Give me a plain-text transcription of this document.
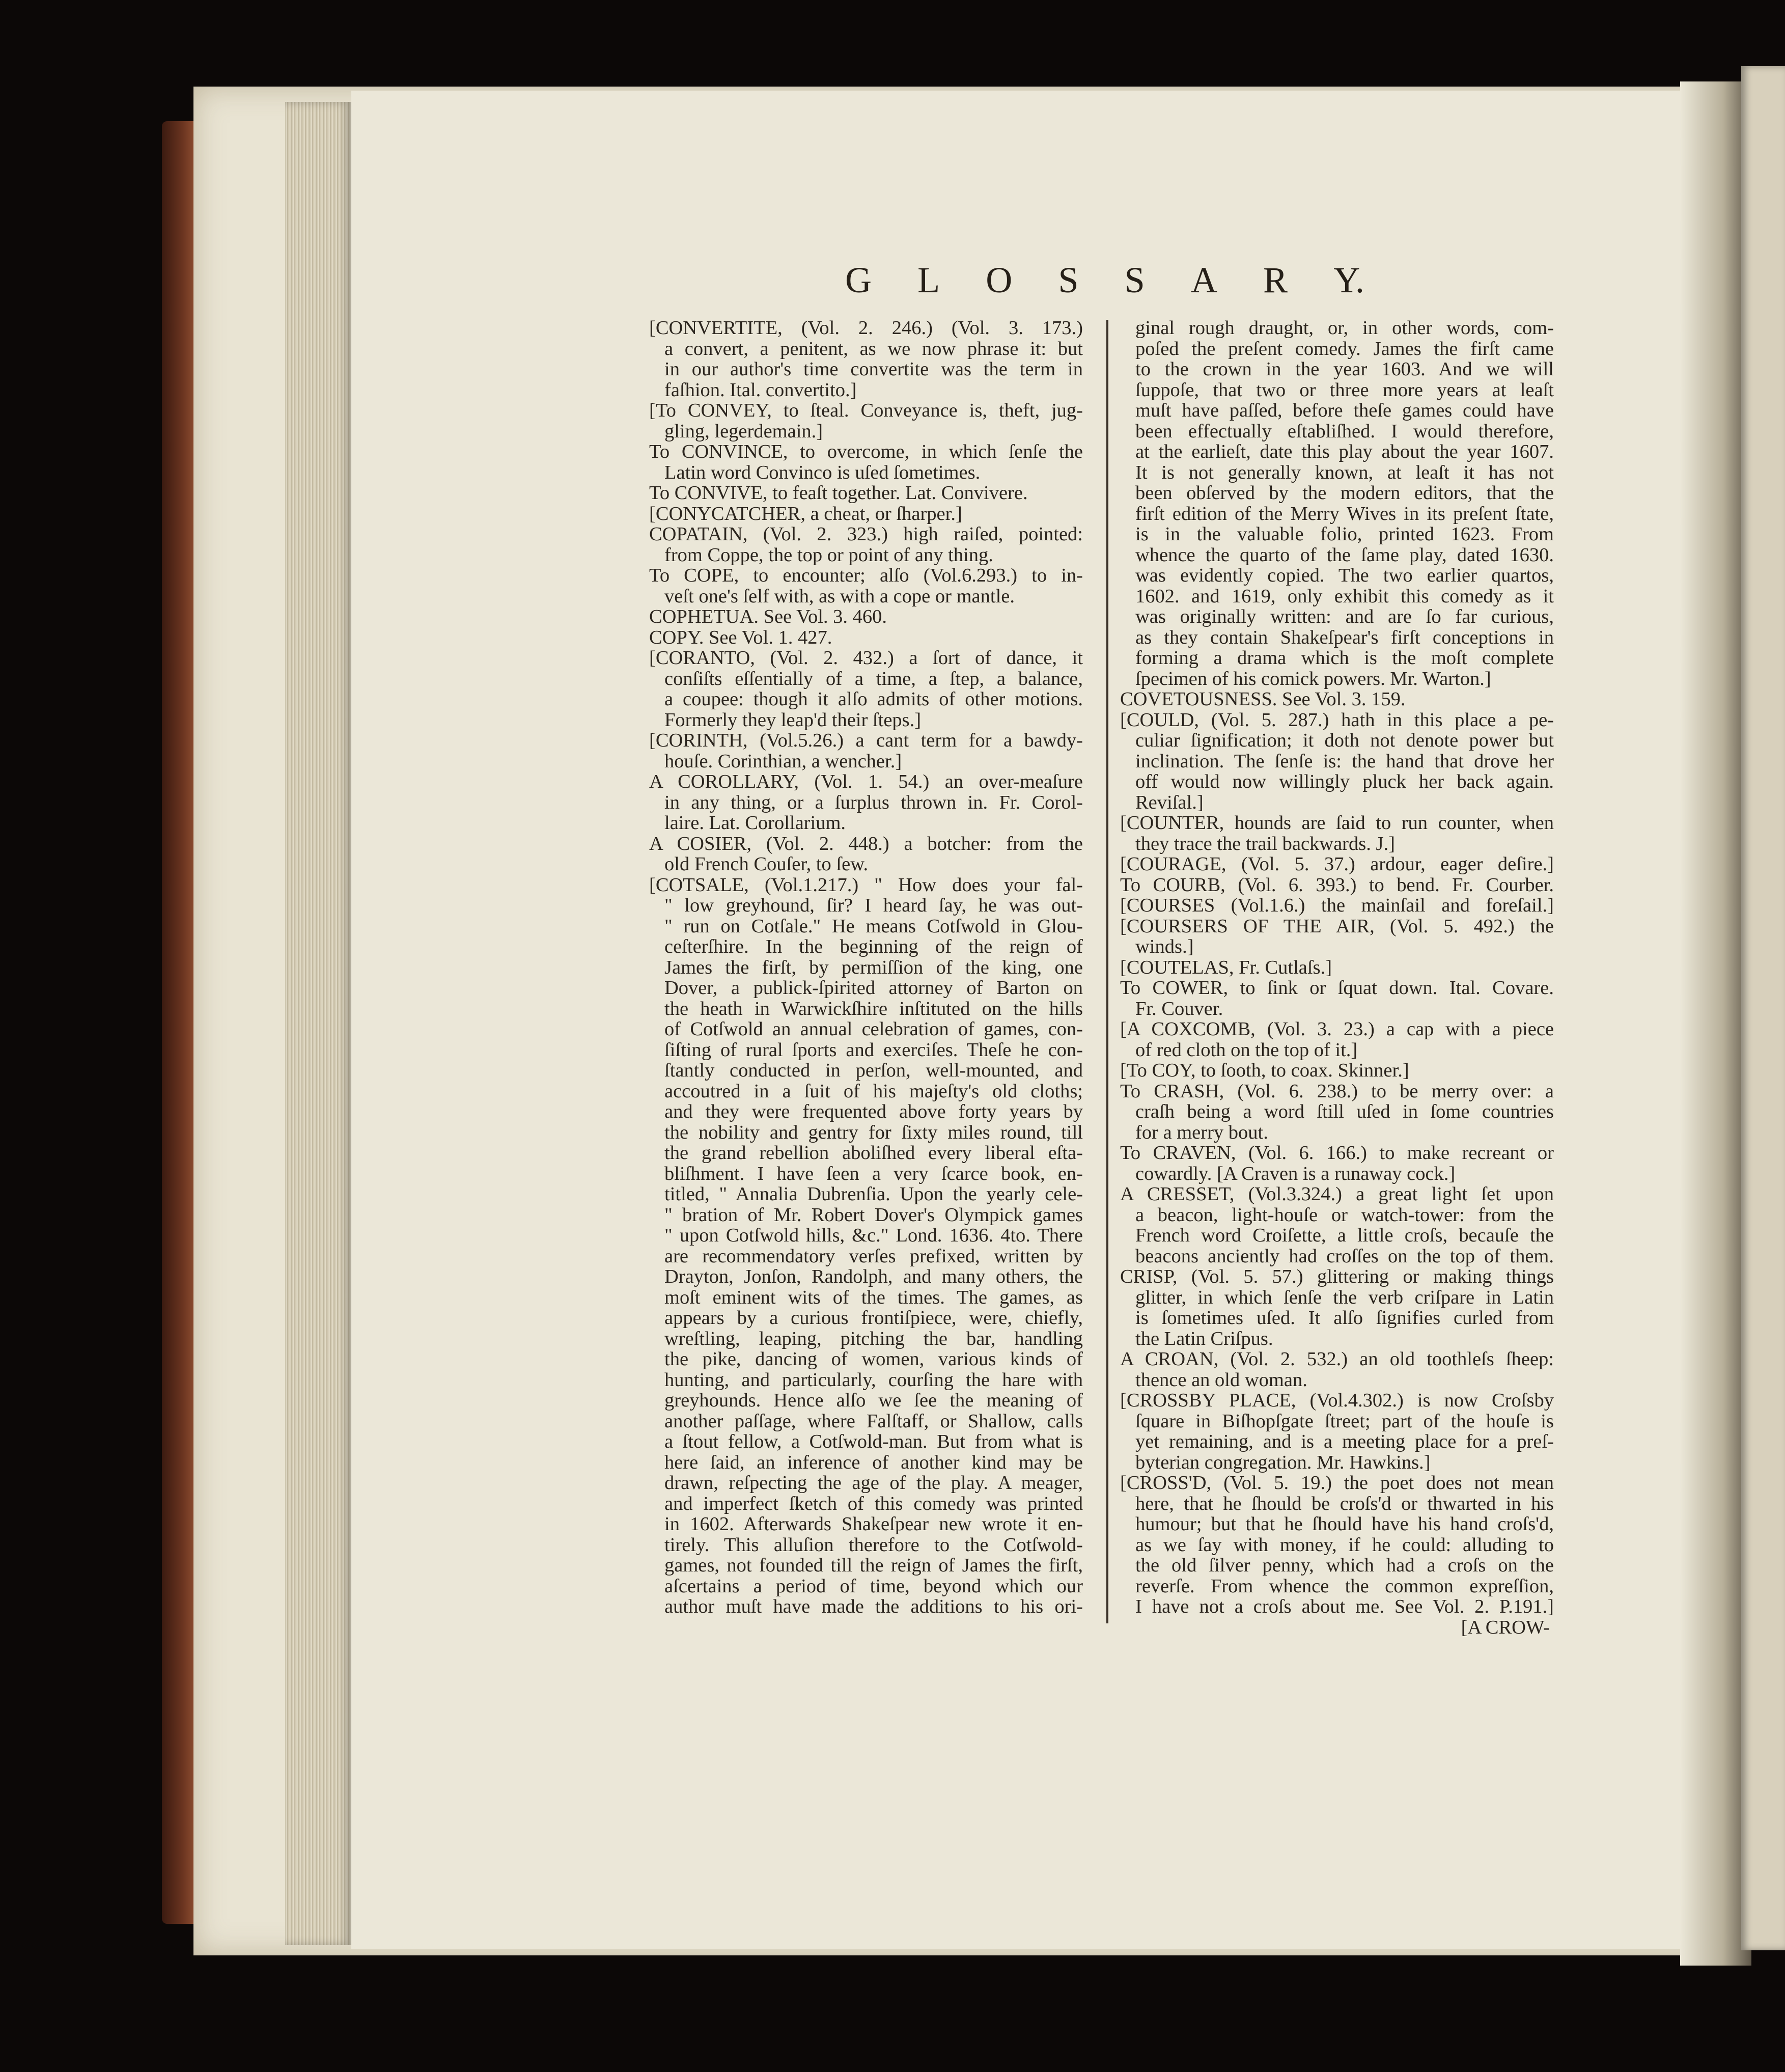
G L O S S A R Y.
[CONVERTITE, (Vol. 2. 246.) (Vol. 3. 173.)
a convert, a penitent, as we now phrase it: but
in our author's time convertite was the term in
faſhion. Ital. convertito.]
[To CONVEY, to ſteal. Conveyance is, theft, jug-
gling, legerdemain.]
To CONVINCE, to overcome, in which ſenſe the
Latin word Convinco is uſed ſometimes.
To CONVIVE, to feaſt together. Lat. Convivere.
[CONYCATCHER, a cheat, or ſharper.]
COPATAIN, (Vol. 2. 323.) high raiſed, pointed:
from Coppe, the top or point of any thing.
To COPE, to encounter; alſo (Vol.6.293.) to in-
veſt one's ſelf with, as with a cope or mantle.
COPHETUA. See Vol. 3. 460.
COPY. See Vol. 1. 427.
[CORANTO, (Vol. 2. 432.) a ſort of dance, it
conſiſts eſſentially of a time, a ſtep, a balance,
a coupee: though it alſo admits of other motions.
Formerly they leap'd their ſteps.]
[CORINTH, (Vol.5.26.) a cant term for a bawdy-
houſe. Corinthian, a wencher.]
A COROLLARY, (Vol. 1. 54.) an over-meaſure
in any thing, or a ſurplus thrown in. Fr. Corol-
laire. Lat. Corollarium.
A COSIER, (Vol. 2. 448.) a botcher: from the
old French Couſer, to ſew.
[COTSALE, (Vol.1.217.) " How does your fal-
" low greyhound, ſir? I heard ſay, he was out-
" run on Cotſale." He means Cotſwold in Glou-
ceſterſhire. In the beginning of the reign of
James the firſt, by permiſſion of the king, one
Dover, a publick-ſpirited attorney of Barton on
the heath in Warwickſhire inſtituted on the hills
of Cotſwold an annual celebration of games, con-
ſiſting of rural ſports and exerciſes. Theſe he con-
ſtantly conducted in perſon, well-mounted, and
accoutred in a ſuit of his majeſty's old cloths;
and they were frequented above forty years by
the nobility and gentry for ſixty miles round, till
the grand rebellion aboliſhed every liberal eſta-
bliſhment. I have ſeen a very ſcarce book, en-
titled, " Annalia Dubrenſia. Upon the yearly cele-
" bration of Mr. Robert Dover's Olympick games
" upon Cotſwold hills, &c." Lond. 1636. 4to. There
are recommendatory verſes prefixed, written by
Drayton, Jonſon, Randolph, and many others, the
moſt eminent wits of the times. The games, as
appears by a curious frontiſpiece, were, chiefly,
wreſtling, leaping, pitching the bar, handling
the pike, dancing of women, various kinds of
hunting, and particularly, courſing the hare with
greyhounds. Hence alſo we ſee the meaning of
another paſſage, where Falſtaff, or Shallow, calls
a ſtout fellow, a Cotſwold-man. But from what is
here ſaid, an inference of another kind may be
drawn, reſpecting the age of the play. A meager,
and imperfect ſketch of this comedy was printed
in 1602. Afterwards Shakeſpear new wrote it en-
tirely. This alluſion therefore to the Cotſwold-
games, not founded till the reign of James the firſt,
aſcertains a period of time, beyond which our
author muſt have made the additions to his ori-
ginal rough draught, or, in other words, com-
poſed the preſent comedy. James the firſt came
to the crown in the year 1603. And we will
ſuppoſe, that two or three more years at leaſt
muſt have paſſed, before theſe games could have
been effectually eſtabliſhed. I would therefore,
at the earlieſt, date this play about the year 1607.
It is not generally known, at leaſt it has not
been obſerved by the modern editors, that the
firſt edition of the Merry Wives in its preſent ſtate,
is in the valuable folio, printed 1623. From
whence the quarto of the ſame play, dated 1630.
was evidently copied. The two earlier quartos,
1602. and 1619, only exhibit this comedy as it
was originally written: and are ſo far curious,
as they contain Shakeſpear's firſt conceptions in
forming a drama which is the moſt complete
ſpecimen of his comick powers. Mr. Warton.]
COVETOUSNESS. See Vol. 3. 159.
[COULD, (Vol. 5. 287.) hath in this place a pe-
culiar ſignification; it doth not denote power but
inclination. The ſenſe is: the hand that drove her
off would now willingly pluck her back again.
Reviſal.]
[COUNTER, hounds are ſaid to run counter, when
they trace the trail backwards. J.]
[COURAGE, (Vol. 5. 37.) ardour, eager deſire.]
To COURB, (Vol. 6. 393.) to bend. Fr. Courber.
[COURSES (Vol.1.6.) the mainſail and foreſail.]
[COURSERS OF THE AIR, (Vol. 5. 492.) the
winds.]
[COUTELAS, Fr. Cutlaſs.]
To COWER, to ſink or ſquat down. Ital. Covare.
Fr. Couver.
[A COXCOMB, (Vol. 3. 23.) a cap with a piece
of red cloth on the top of it.]
[To COY, to ſooth, to coax. Skinner.]
To CRASH, (Vol. 6. 238.) to be merry over: a
craſh being a word ſtill uſed in ſome countries
for a merry bout.
To CRAVEN, (Vol. 6. 166.) to make recreant or
cowardly. [A Craven is a runaway cock.]
A CRESSET, (Vol.3.324.) a great light ſet upon
a beacon, light-houſe or watch-tower: from the
French word Croiſette, a little croſs, becauſe the
beacons anciently had croſſes on the top of them.
CRISP, (Vol. 5. 57.) glittering or making things
glitter, in which ſenſe the verb criſpare in Latin
is ſometimes uſed. It alſo ſignifies curled from
the Latin Criſpus.
A CROAN, (Vol. 2. 532.) an old toothleſs ſheep:
thence an old woman.
[CROSSBY PLACE, (Vol.4.302.) is now Croſsby
ſquare in Biſhopſgate ſtreet; part of the houſe is
yet remaining, and is a meeting place for a preſ-
byterian congregation. Mr. Hawkins.]
[CROSS'D, (Vol. 5. 19.) the poet does not mean
here, that he ſhould be croſs'd or thwarted in his
humour; but that he ſhould have his hand croſs'd,
as we ſay with money, if he could: alluding to
the old ſilver penny, which had a croſs on the
reverſe. From whence the common expreſſion,
I have not a croſs about me. See Vol. 2. P.191.]
[A CROW-
